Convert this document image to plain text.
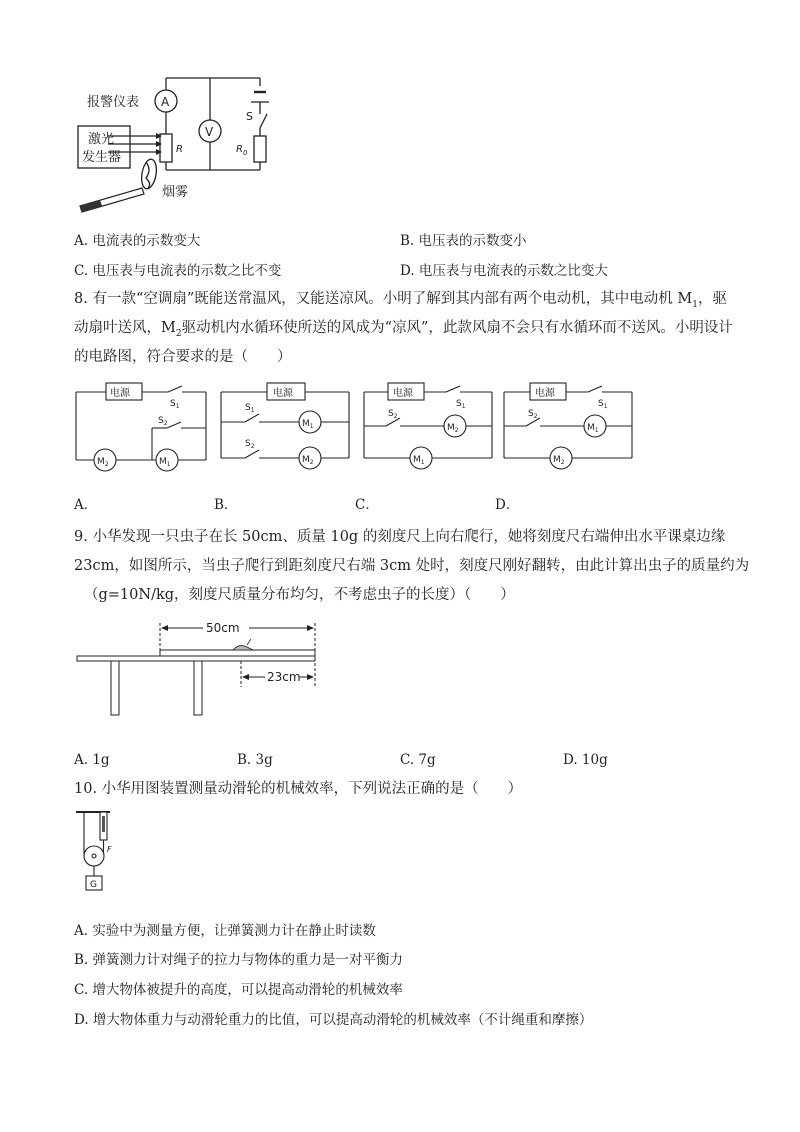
报警仪表 A
V
激光
发生器
R	$R_0$
S
烟雾
A. 电流表的示数变大	B. 电压表的示数变小
C. 电压表与电流表的示数之比不变	D. 电压表与电流表的示数之比变大
8. 有一款“空调扇”既能送常温风，又能送凉风。小明了解到其内部有两个电动机，其中电动机 $M_1$，驱
动扇叶送风，$M_2$驱动机内水循环使所送的风成为“凉风”，此款风扇不会只有水循环而不送风。小明设计
的电路图，符合要求的是（　　）
电源
$S_1$
$S_2$
$M_2$	$M_1$
电源
$S_1$
$S_2$
$M_1$
$M_2$
电源
$S_1$
$S_2$
$M_2$
$M_1$
电源
$S_1$
$S_2$
$M_1$
$M_2$
A．	B．	C．	D．
9. 小华发现一只虫子在长 50cm、质量 10g 的刻度尺上向右爬行，她将刻度尺右端伸出水平课桌边缘
23cm，如图所示，当虫子爬行到距刻度尺右端 3cm 处时，刻度尺刚好翻转，由此计算出虫子的质量约为
（g=10N/kg，刻度尺质量分布均匀，不考虑虫子的长度）（　　）
50cm
23cm
A. 1g	B. 3g	C. 7g	D. 10g
10. 小华用图装置测量动滑轮的机械效率，下列说法正确的是（　　）
F
G
A. 实验中为测量方便，让弹簧测力计在静止时读数
B. 弹簧测力计对绳子的拉力与物体的重力是一对平衡力
C. 增大物体被提升的高度，可以提高动滑轮的机械效率
D. 增大物体重力与动滑轮重力的比值，可以提高动滑轮的机械效率（不计绳重和摩擦）
